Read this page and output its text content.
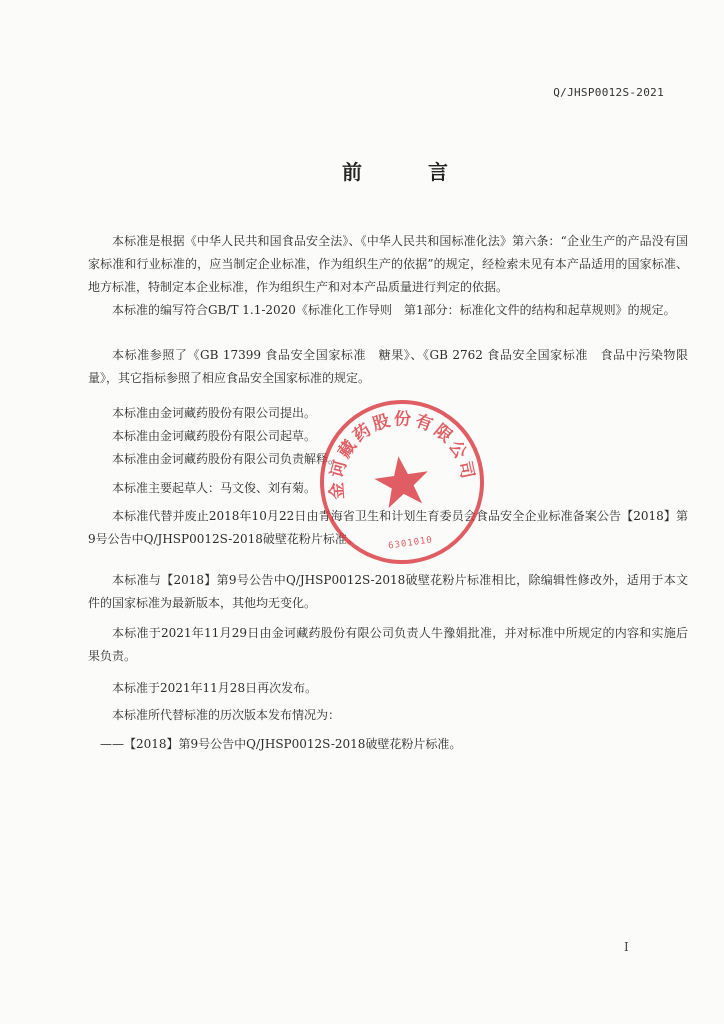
Q/JHSP0012S-2021
前言

本标准是根据《中华人民共和国食品安全法》、《中华人民共和国标准化法》第六条：“企业生产的产品没有国家标准和行业标准的，应当制定企业标准，作为组织生产的依据”的规定，经检索未见有本产品适用的国家标准、地方标准，特制定本企业标准，作为组织生产和对本产品质量进行判定的依据。

本标准的编写符合GB/T 1.1-2020《标准化工作导则　第1部分：标准化文件的结构和起草规则》的规定。

本标准参照了《GB 17399 食品安全国家标准　糖果》、《GB 2762 食品安全国家标准　食品中污染物限量》，其它指标参照了相应食品安全国家标准的规定。

本标准由金诃藏药股份有限公司提出。

本标准由金诃藏药股份有限公司起草。

本标准由金诃藏药股份有限公司负责解释。

本标准主要起草人：马文俊、刘有菊。

本标准代替并废止2018年10月22日由青海省卫生和计划生育委员会食品安全企业标准备案公告【2018】第9号公告中Q/JHSP0012S-2018破壁花粉片标准。

本标准与【2018】第9号公告中Q/JHSP0012S-2018破壁花粉片标准相比，除编辑性修改外，适用于本文件的国家标准为最新版本，其他均无变化。

本标准于2021年11月29日由金诃藏药股份有限公司负责人牛豫娟批准，并对标准中所规定的内容和实施后果负责。

本标准于2021年11月28日再次发布。

本标准所代替标准的历次版本发布情况为：

——【2018】第9号公告中Q/JHSP0012S-2018破壁花粉片标准。

金诃藏药股份有限公司
6301010
I
